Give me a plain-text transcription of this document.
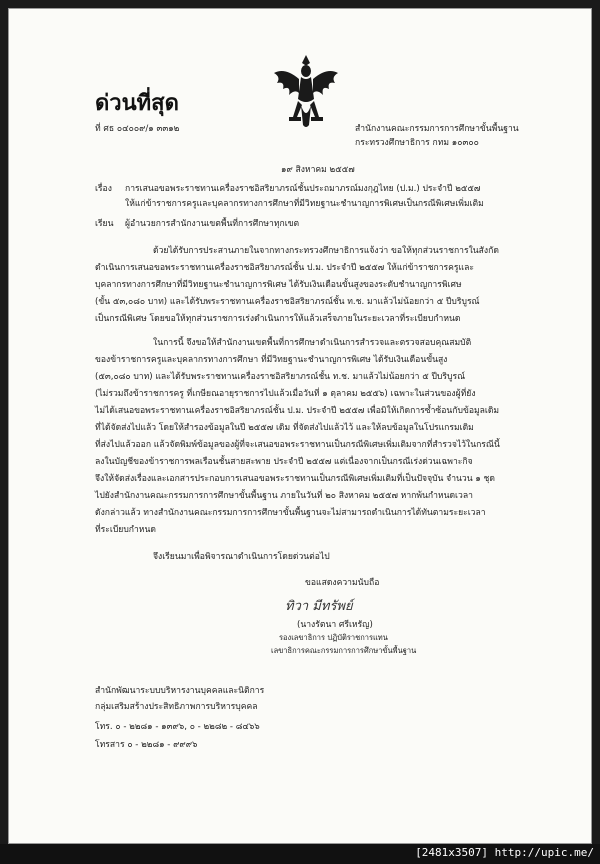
ด่วนที่สุด
ที่ ศธ ๐๔๐๐๙/๑ ๓๓๑๒	สำนักงานคณะกรรมการการศึกษาขั้นพื้นฐาน
กระทรวงศึกษาธิการ กทม ๑๐๓๐๐
๑๙ สิงหาคม ๒๕๕๗
เรื่อง การเสนอขอพระราชทานเครื่องราชอิสริยาภรณ์ชั้นประถมาภรณ์มงกุฎไทย (ป.ม.) ประจำปี ๒๕๕๗
ให้แก่ข้าราชการครูและบุคลากรทางการศึกษาที่มีวิทยฐานะชำนาญการพิเศษเป็นกรณีพิเศษเพิ่มเติม
เรียน ผู้อำนวยการสำนักงานเขตพื้นที่การศึกษาทุกเขต
ด้วยได้รับการประสานภายในจากทางกระทรวงศึกษาธิการแจ้งว่า ขอให้ทุกส่วนราชการในสังกัด
ดำเนินการเสนอขอพระราชทานเครื่องราชอิสริยาภรณ์ชั้น ป.ม. ประจำปี ๒๕๕๗ ให้แก่ข้าราชการครูและ
บุคลากรทางการศึกษาที่มีวิทยฐานะชำนาญการพิเศษ ได้รับเงินเดือนขั้นสูงของระดับชำนาญการพิเศษ
(ขั้น ๕๓,๐๘๐ บาท) และได้รับพระราชทานเครื่องราชอิสริยาภรณ์ชั้น ท.ช. มาแล้วไม่น้อยกว่า ๕ ปีบริบูรณ์
เป็นกรณีพิเศษ โดยขอให้ทุกส่วนราชการเร่งดำเนินการให้แล้วเสร็จภายในระยะเวลาที่ระเบียบกำหนด
ในการนี้ จึงขอให้สำนักงานเขตพื้นที่การศึกษาดำเนินการสำรวจและตรวจสอบคุณสมบัติ
ของข้าราชการครูและบุคลากรทางการศึกษา ที่มีวิทยฐานะชำนาญการพิเศษ ได้รับเงินเดือนขั้นสูง
(๕๓,๐๘๐ บาท) และได้รับพระราชทานเครื่องราชอิสริยาภรณ์ชั้น ท.ช. มาแล้วไม่น้อยกว่า ๕ ปีบริบูรณ์
(ไม่รวมถึงข้าราชการครู ที่เกษียณอายุราชการไปแล้วเมื่อวันที่ ๑ ตุลาคม ๒๕๕๖) เฉพาะในส่วนของผู้ที่ยัง
ไม่ได้เสนอขอพระราชทานเครื่องราชอิสริยาภรณ์ชั้น ป.ม. ประจำปี ๒๕๕๗ เพื่อมิให้เกิดการซ้ำซ้อนกับข้อมูลเดิม
ที่ได้จัดส่งไปแล้ว โดยให้สำรองข้อมูลในปี ๒๕๕๗ เดิม ที่จัดส่งไปแล้วไว้ และให้ลบข้อมูลในโปรแกรมเดิม
ที่ส่งไปแล้วออก แล้วจัดพิมพ์ข้อมูลของผู้ที่จะเสนอขอพระราชทานเป็นกรณีพิเศษเพิ่มเติมจากที่สำรวจไว้ในกรณีนี้
ลงในบัญชีของข้าราชการพลเรือนชั้นสายสะพาย ประจำปี ๒๕๕๗ แต่เนื่องจากเป็นกรณีเร่งด่วนเฉพาะกิจ
จึงให้จัดส่งเรื่องและเอกสารประกอบการเสนอขอพระราชทานเป็นกรณีพิเศษเพิ่มเติมที่เป็นปัจจุบัน จำนวน ๑ ชุด
ไปยังสำนักงานคณะกรรมการการศึกษาขั้นพื้นฐาน ภายในวันที่ ๒๐ สิงหาคม ๒๕๕๗ หากพ้นกำหนดเวลา
ดังกล่าวแล้ว ทางสำนักงานคณะกรรมการการศึกษาขั้นพื้นฐานจะไม่สามารถดำเนินการได้ทันตามระยะเวลา
ที่ระเบียบกำหนด
จึงเรียนมาเพื่อพิจารณาดำเนินการโดยด่วนต่อไป
ขอแสดงความนับถือ
ทิวา มีทรัพย์
(นางรัตนา ศรีเหรัญ)
รองเลขาธิการ ปฏิบัติราชการแทน
เลขาธิการคณะกรรมการการศึกษาขั้นพื้นฐาน
สำนักพัฒนาระบบบริหารงานบุคคลและนิติการ
กลุ่มเสริมสร้างประสิทธิภาพการบริหารบุคคล
โทร. ๐ - ๒๒๘๑ - ๑๓๙๖, ๐ - ๒๒๘๒ - ๘๔๖๖
โทรสาร ๐ - ๒๒๘๑ - ๙๙๙๖
[2481x3507] http://upic.me/
